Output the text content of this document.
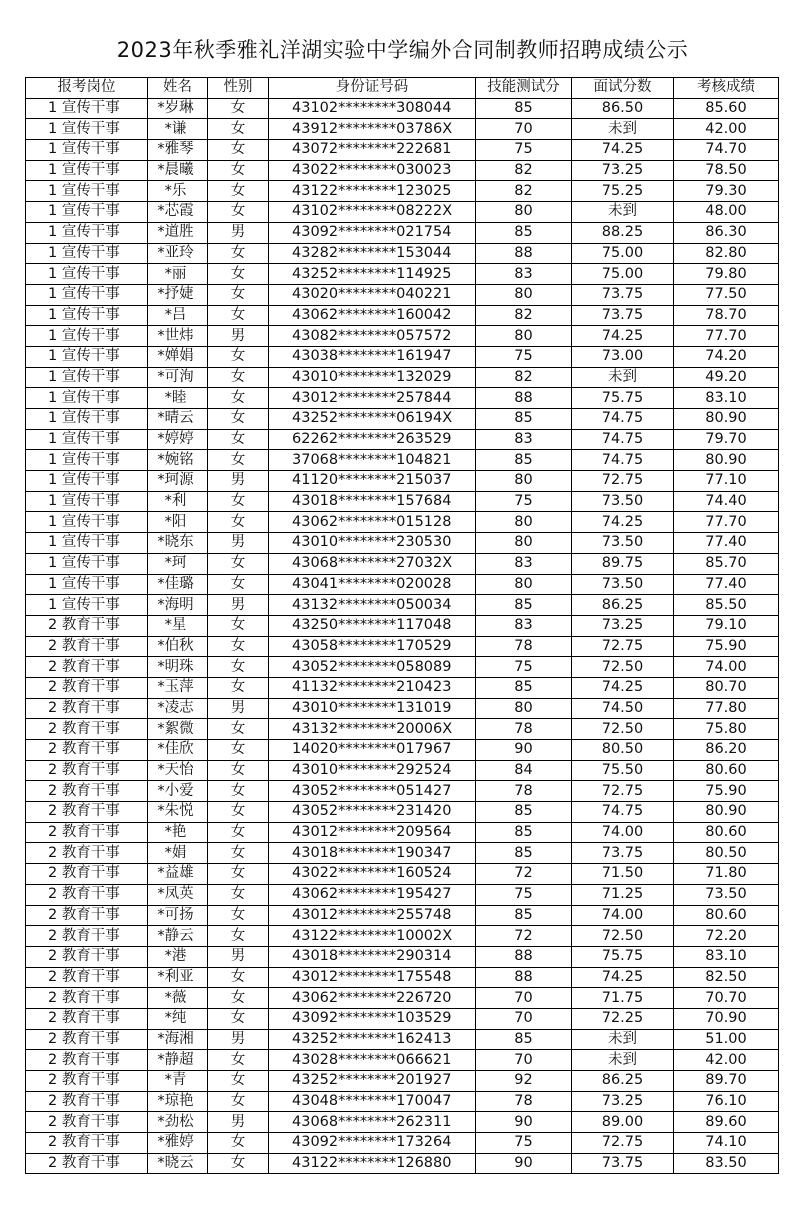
2023年秋季雅礼洋湖实验中学编外合同制教师招聘成绩公示
报考岗位	姓名	性别	身份证号码	技能测试分	面试分数	考核成绩
1 宣传干事	*岁琳	女	43102********308044	85	86.50	85.60
1 宣传干事	*谦	女	43912********03786X	70	未到	42.00
1 宣传干事	*雅琴	女	43072********222681	75	74.25	74.70
1 宣传干事	*晨曦	女	43022********030023	82	73.25	78.50
1 宣传干事	*乐	女	43122********123025	82	75.25	79.30
1 宣传干事	*芯霞	女	43102********08222X	80	未到	48.00
1 宣传干事	*道胜	男	43092********021754	85	88.25	86.30
1 宣传干事	*亚玲	女	43282********153044	88	75.00	82.80
1 宣传干事	*丽	女	43252********114925	83	75.00	79.80
1 宣传干事	*抒婕	女	43020********040221	80	73.75	77.50
1 宣传干事	*吕	女	43062********160042	82	73.75	78.70
1 宣传干事	*世炜	男	43082********057572	80	74.25	77.70
1 宣传干事	*婵娟	女	43038********161947	75	73.00	74.20
1 宣传干事	*可洵	女	43010********132029	82	未到	49.20
1 宣传干事	*睦	女	43012********257844	88	75.75	83.10
1 宣传干事	*晴云	女	43252********06194X	85	74.75	80.90
1 宣传干事	*婷婷	女	62262********263529	83	74.75	79.70
1 宣传干事	*婉铭	女	37068********104821	85	74.75	80.90
1 宣传干事	*珂源	男	41120********215037	80	72.75	77.10
1 宣传干事	*利	女	43018********157684	75	73.50	74.40
1 宣传干事	*阳	女	43062********015128	80	74.25	77.70
1 宣传干事	*晓东	男	43010********230530	80	73.50	77.40
1 宣传干事	*珂	女	43068********27032X	83	89.75	85.70
1 宣传干事	*佳璐	女	43041********020028	80	73.50	77.40
1 宣传干事	*海明	男	43132********050034	85	86.25	85.50
2 教育干事	*星	女	43250********117048	83	73.25	79.10
2 教育干事	*伯秋	女	43058********170529	78	72.75	75.90
2 教育干事	*明珠	女	43052********058089	75	72.50	74.00
2 教育干事	*玉萍	女	41132********210423	85	74.25	80.70
2 教育干事	*凌志	男	43010********131019	80	74.50	77.80
2 教育干事	*絮微	女	43132********20006X	78	72.50	75.80
2 教育干事	*佳欣	女	14020********017967	90	80.50	86.20
2 教育干事	*天怡	女	43010********292524	84	75.50	80.60
2 教育干事	*小爱	女	43052********051427	78	72.75	75.90
2 教育干事	*朱悦	女	43052********231420	85	74.75	80.90
2 教育干事	*艳	女	43012********209564	85	74.00	80.60
2 教育干事	*娟	女	43018********190347	85	73.75	80.50
2 教育干事	*益雄	女	43022********160524	72	71.50	71.80
2 教育干事	*凤英	女	43062********195427	75	71.25	73.50
2 教育干事	*可扬	女	43012********255748	85	74.00	80.60
2 教育干事	*静云	女	43122********10002X	72	72.50	72.20
2 教育干事	*港	男	43018********290314	88	75.75	83.10
2 教育干事	*利亚	女	43012********175548	88	74.25	82.50
2 教育干事	*薇	女	43062********226720	70	71.75	70.70
2 教育干事	*纯	女	43092********103529	70	72.25	70.90
2 教育干事	*海湘	男	43252********162413	85	未到	51.00
2 教育干事	*静超	女	43028********066621	70	未到	42.00
2 教育干事	*青	女	43252********201927	92	86.25	89.70
2 教育干事	*琼艳	女	43048********170047	78	73.25	76.10
2 教育干事	*劲松	男	43068********262311	90	89.00	89.60
2 教育干事	*雅婷	女	43092********173264	75	72.75	74.10
2 教育干事	*晓云	女	43122********126880	90	73.75	83.50
